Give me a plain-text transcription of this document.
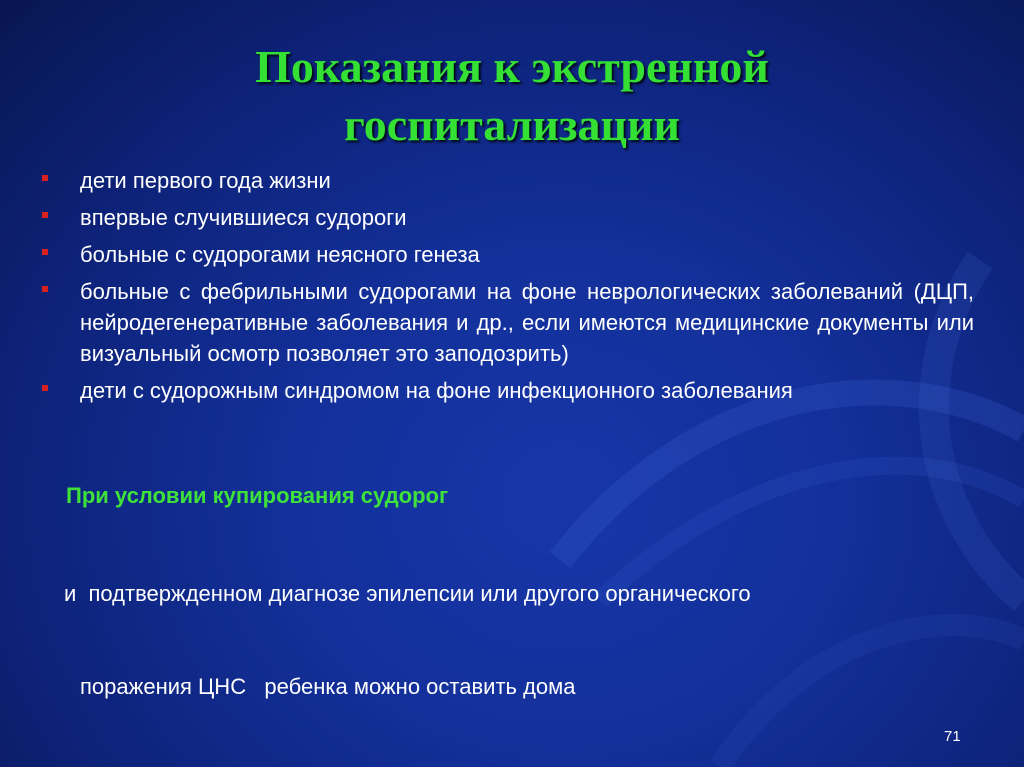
Показания к экстренной
госпитализации
дети первого года жизни
впервые случившиеся судороги
больные с судорогами неясного генеза
больные с фебрильными судорогами на фоне неврологических заболеваний (ДЦП, нейродегенеративные заболевания и др., если имеются медицинские документы или визуальный осмотр позволяет это заподозрить)
дети с судорожным синдромом на фоне инфекционного заболевания
При условии купирования судорог

и  подтвержденном диагнозе эпилепсии или другого органического

поражения ЦНС   ребенка можно оставить дома

71
